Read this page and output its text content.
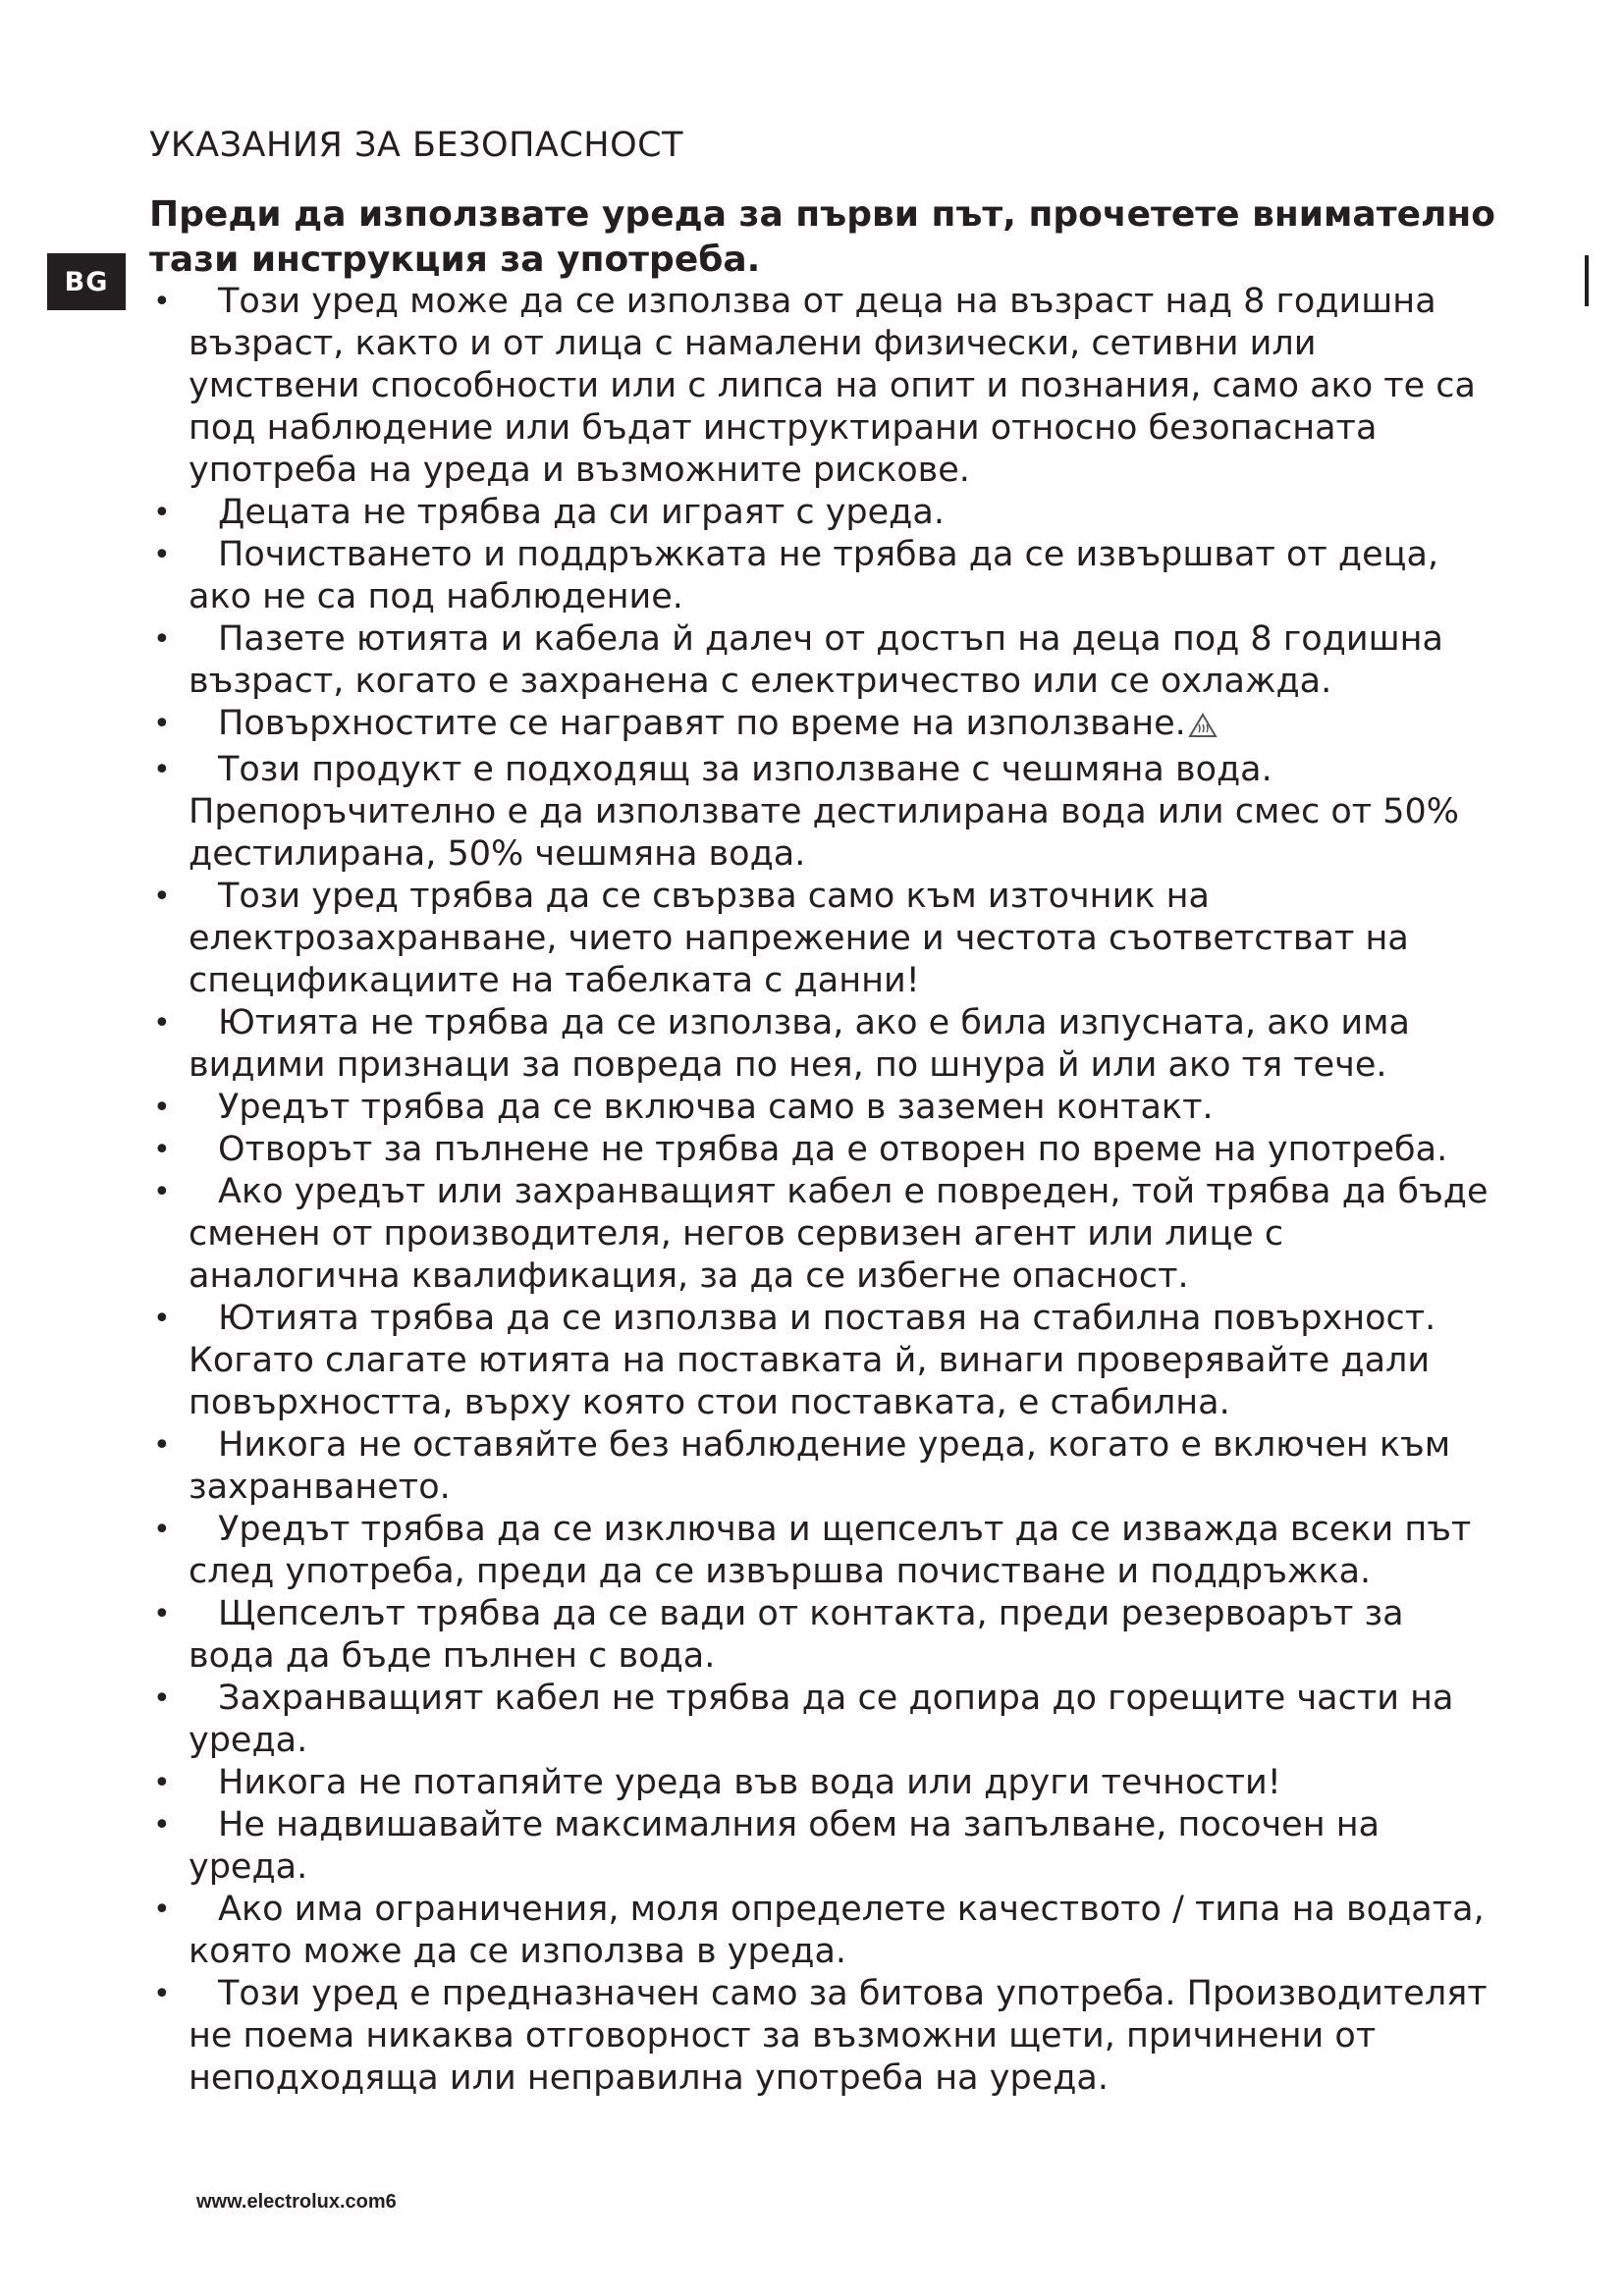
BG
УКАЗАНИЯ ЗА БЕЗОПАСНОСТ

Преди да използвате уреда за първи път, прочетете внимателно тази инструкция за употреба.

• Този уред може да се използва от деца на възраст над 8 годишна възраст, както и от лица с намалени физически, сетивни или умствени способности или с липса на опит и познания, само ако те са под наблюдение или бъдат инструктирани относно безопасната употреба на уреда и възможните рискове.
• Децата не трябва да си играят с уреда.
• Почистването и поддръжката не трябва да се извършват от деца, ако не са под наблюдение.
• Пазете ютията и кабела й далеч от достъп на деца под 8 годишна възраст, когато е захранена с електричество или се охлажда.
• Повърхностите се награвят по време на използване.
• Този продукт е подходящ за използване с чешмяна вода. Препоръчително е да използвате дестилирана вода или смес от 50% дестилирана, 50% чешмяна вода.
• Този уред трябва да се свързва само към източник на електрозахранване, чието напрежение и честота съответстват на спецификациите на табелката с данни!
• Ютията не трябва да се използва, ако е била изпусната, ако има видими признаци за повреда по нея, по шнура й или ако тя тече.
• Уредът трябва да се включва само в заземен контакт.
• Отворът за пълнене не трябва да е отворен по време на употреба.
• Ако уредът или захранващият кабел е повреден, той трябва да бъде сменен от производителя, негов сервизен агент или лице с аналогична квалификация, за да се избегне опасност.
• Ютията трябва да се използва и поставя на стабилна повърхност. Когато слагате ютията на поставката й, винаги проверявайте дали повърхността, върху която стои поставката, е стабилна.
• Никога не оставяйте без наблюдение уреда, когато е включен към захранването.
• Уредът трябва да се изключва и щепселът да се изважда всеки път след употреба, преди да се извършва почистване и поддръжка.
• Щепселът трябва да се вади от контакта, преди резервоарът за вода да бъде пълнен с вода.
• Захранващият кабел не трябва да се допира до горещите части на уреда.
• Никога не потапяйте уреда във вода или други течности!
• Не надвишавайте максималния обем на запълване, посочен на уреда.
• Ако има ограничения, моля определете качеството / типа на водата, която може да се използва в уреда.
• Този уред е предназначен само за битова употреба. Производителят не поема никаква отговорност за възможни щети, причинени от неподходяща или неправилна употреба на уреда.
www.electrolux.com6
